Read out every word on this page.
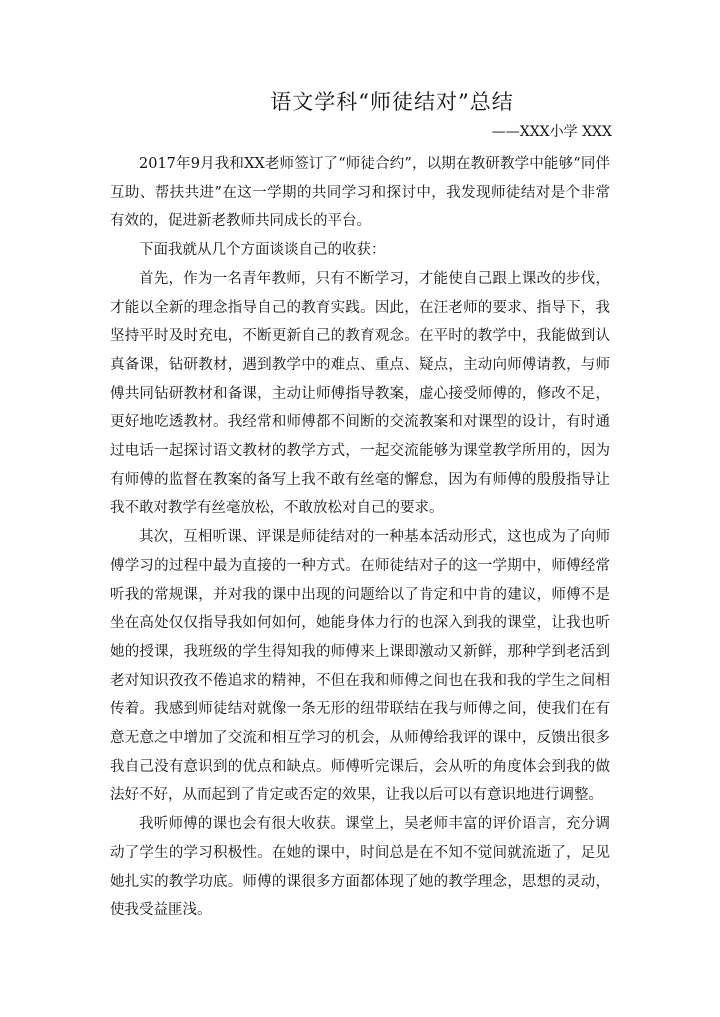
语文学科“师徒结对”总结

——XXX小学 XXX

2017年9月我和XX老师签订了“师徒合约”，以期在教研教学中能够“同伴互助、帮扶共进”在这一学期的共同学习和探讨中，我发现师徒结对是个非常有效的，促进新老教师共同成长的平台。

下面我就从几个方面谈谈自己的收获：

首先，作为一名青年教师，只有不断学习，才能使自己跟上课改的步伐，才能以全新的理念指导自己的教育实践。因此，在汪老师的要求、指导下，我坚持平时及时充电，不断更新自己的教育观念。在平时的教学中，我能做到认真备课，钻研教材，遇到教学中的难点、重点、疑点，主动向师傅请教，与师傅共同钻研教材和备课，主动让师傅指导教案，虚心接受师傅的，修改不足，更好地吃透教材。我经常和师傅都不间断的交流教案和对课型的设计，有时通过电话一起探讨语文教材的教学方式，一起交流能够为课堂教学所用的，因为有师傅的监督在教案的备写上我不敢有丝毫的懈怠，因为有师傅的殷殷指导让我不敢对教学有丝毫放松，不敢放松对自己的要求。

其次，互相听课、评课是师徒结对的一种基本活动形式，这也成为了向师傅学习的过程中最为直接的一种方式。在师徒结对子的这一学期中，师傅经常听我的常规课，并对我的课中出现的问题给以了肯定和中肯的建议，师傅不是坐在高处仅仅指导我如何如何，她能身体力行的也深入到我的课堂，让我也听她的授课，我班级的学生得知我的师傅来上课即激动又新鲜，那种学到老活到老对知识孜孜不倦追求的精神，不但在我和师傅之间也在我和我的学生之间相传着。我感到师徒结对就像一条无形的纽带联结在我与师傅之间，使我们在有意无意之中增加了交流和相互学习的机会，从师傅给我评的课中，反馈出很多我自己没有意识到的优点和缺点。师傅听完课后，会从听的角度体会到我的做法好不好，从而起到了肯定或否定的效果，让我以后可以有意识地进行调整。

我听师傅的课也会有很大收获。课堂上，吴老师丰富的评价语言，充分调动了学生的学习积极性。在她的课中，时间总是在不知不觉间就流逝了，足见她扎实的教学功底。师傅的课很多方面都体现了她的教学理念，思想的灵动，使我受益匪浅。
